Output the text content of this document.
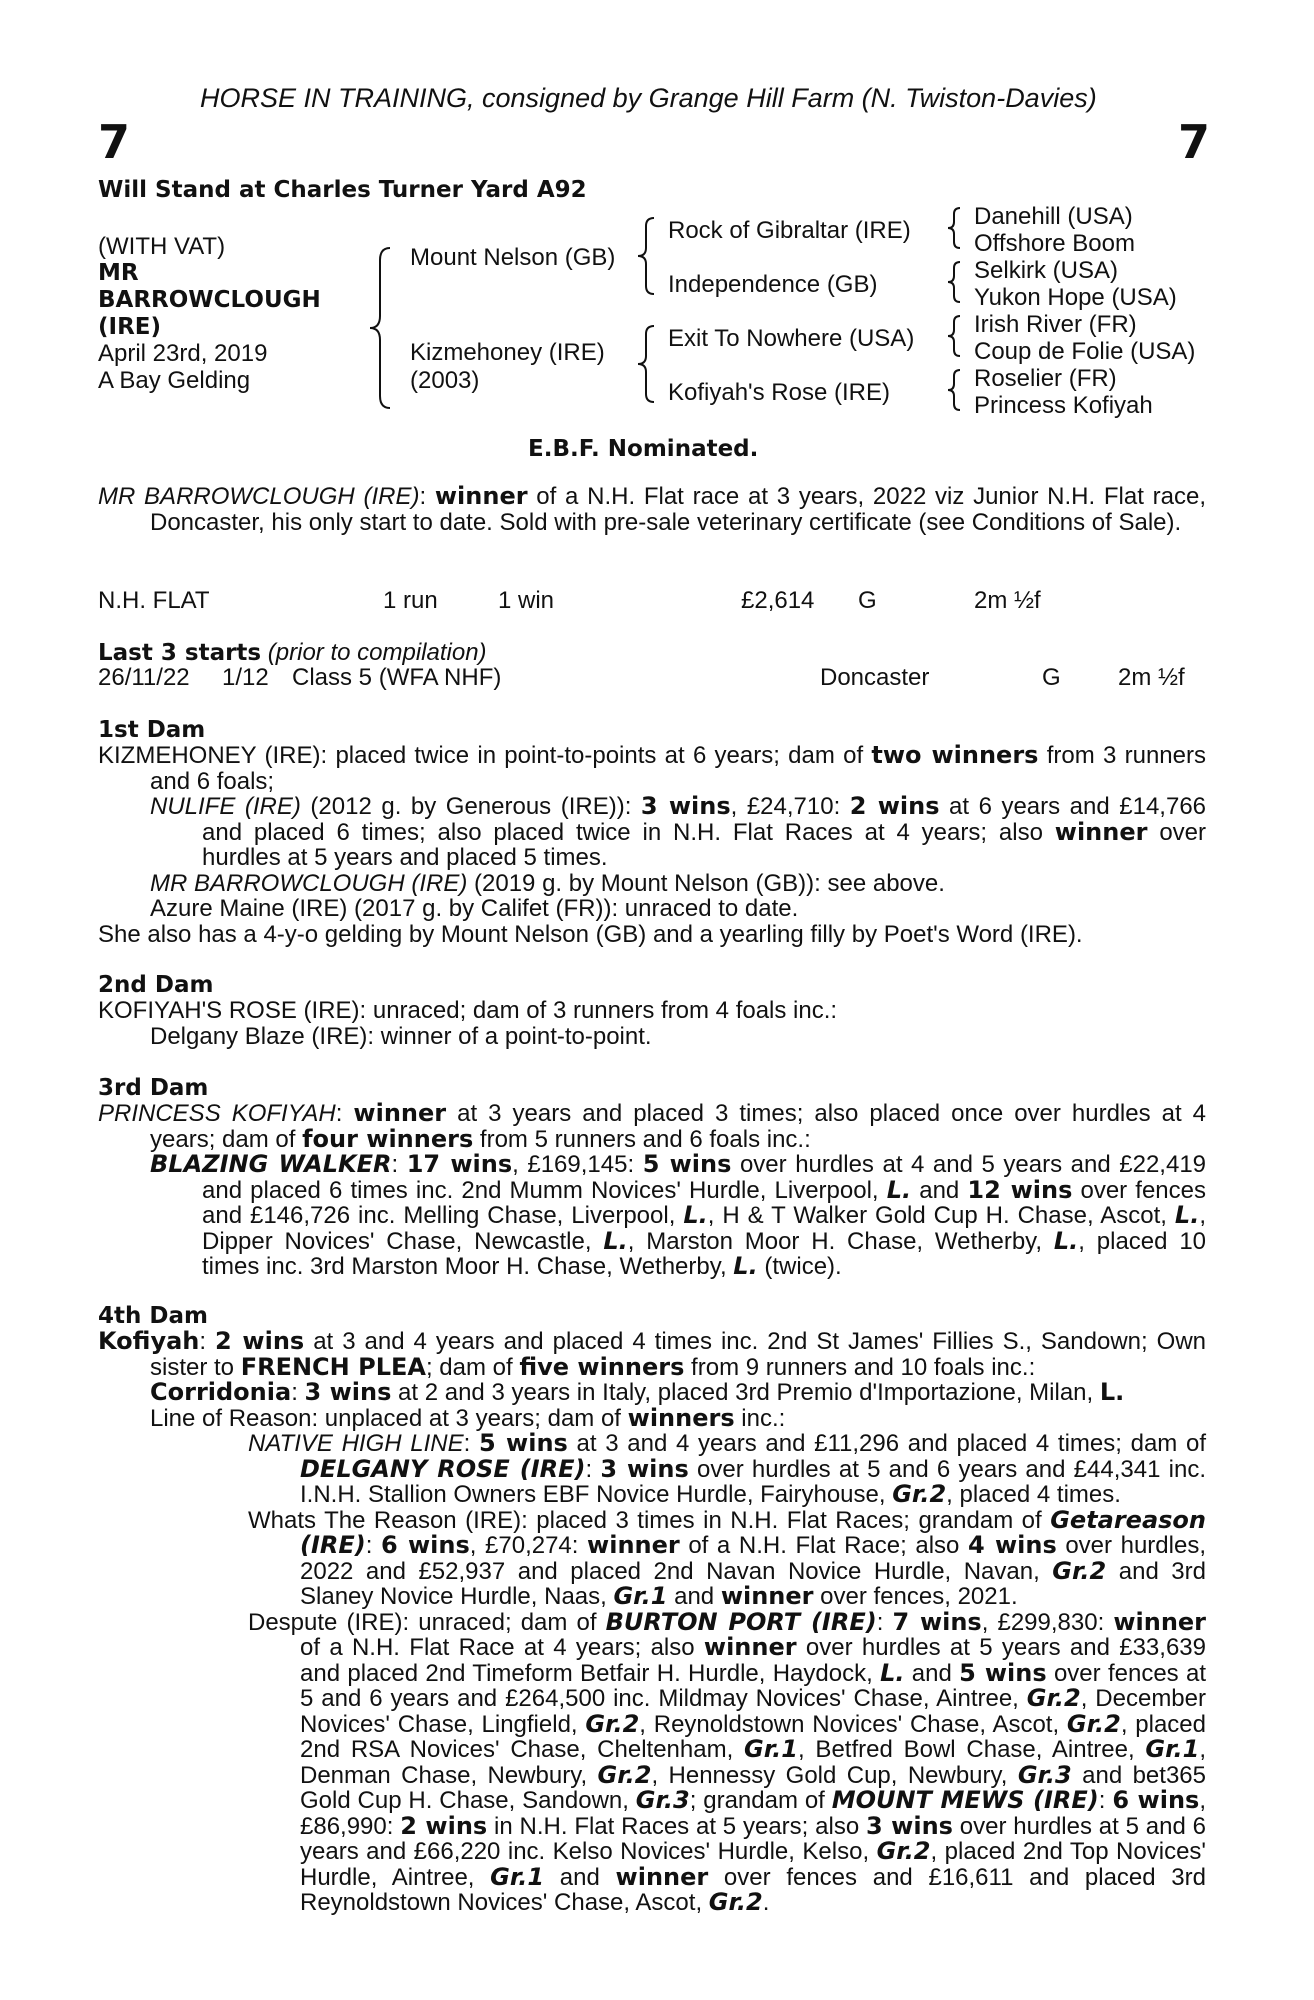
HORSE IN TRAINING, consigned by Grange Hill Farm (N. Twiston-Davies)
7	7
Will Stand at Charles Turner Yard A92
(WITH VAT)
MR
BARROWCLOUGH
(IRE)
April 23rd, 2019
A Bay Gelding
Mount Nelson (GB)
Kizmehoney (IRE)
(2003)
Rock of Gibraltar (IRE)
Independence (GB)
Exit To Nowhere (USA)
Kofiyah's Rose (IRE)
Danehill (USA)
Offshore Boom
Selkirk (USA)
Yukon Hope (USA)
Irish River (FR)
Coup de Folie (USA)
Roselier (FR)
Princess Kofiyah
E.B.F. Nominated.

MR BARROWCLOUGH (IRE): winner of a N.H. Flat race at 3 years, 2022 viz Junior N.H. Flat race, Doncaster, his only start to date. Sold with pre-sale veterinary certificate (see Conditions of Sale).

N.H. FLAT	1 run	1 win	£2,614 G	2m ½f
Last 3 starts (prior to compilation)
26/11/22 1/12 Class 5 (WFA NHF)	Doncaster	G 2m ½f
1st Dam

KIZMEHONEY (IRE): placed twice in point-to-points at 6 years; dam of two winners from 3 runners and 6 foals;

NULIFE (IRE) (2012 g. by Generous (IRE)): 3 wins, £24,710: 2 wins at 6 years and £14,766 and placed 6 times; also placed twice in N.H. Flat Races at 4 years; also winner over hurdles at 5 years and placed 5 times.

MR BARROWCLOUGH (IRE) (2019 g. by Mount Nelson (GB)): see above.

Azure Maine (IRE) (2017 g. by Califet (FR)): unraced to date.

She also has a 4-y-o gelding by Mount Nelson (GB) and a yearling filly by Poet's Word (IRE).

2nd Dam

KOFIYAH'S ROSE (IRE): unraced; dam of 3 runners from 4 foals inc.:

Delgany Blaze (IRE): winner of a point-to-point.

3rd Dam

PRINCESS KOFIYAH: winner at 3 years and placed 3 times; also placed once over hurdles at 4 years; dam of four winners from 5 runners and 6 foals inc.:

BLAZING WALKER: 17 wins, £169,145: 5 wins over hurdles at 4 and 5 years and £22,419 and placed 6 times inc. 2nd Mumm Novices' Hurdle, Liverpool, L. and 12 wins over fences and £146,726 inc. Melling Chase, Liverpool, L., H & T Walker Gold Cup H. Chase, Ascot, L., Dipper Novices' Chase, Newcastle, L., Marston Moor H. Chase, Wetherby, L., placed 10 times inc. 3rd Marston Moor H. Chase, Wetherby, L. (twice).

4th Dam

Kofiyah: 2 wins at 3 and 4 years and placed 4 times inc. 2nd St James' Fillies S., Sandown; Own sister to FRENCH PLEA; dam of five winners from 9 runners and 10 foals inc.:

Corridonia: 3 wins at 2 and 3 years in Italy, placed 3rd Premio d'Importazione, Milan, L.

Line of Reason: unplaced at 3 years; dam of winners inc.:

NATIVE HIGH LINE: 5 wins at 3 and 4 years and £11,296 and placed 4 times; dam of DELGANY ROSE (IRE): 3 wins over hurdles at 5 and 6 years and £44,341 inc. I.N.H. Stallion Owners EBF Novice Hurdle, Fairyhouse, Gr.2, placed 4 times.

Whats The Reason (IRE): placed 3 times in N.H. Flat Races; grandam of Getareason (IRE): 6 wins, £70,274: winner of a N.H. Flat Race; also 4 wins over hurdles, 2022 and £52,937 and placed 2nd Navan Novice Hurdle, Navan, Gr.2 and 3rd Slaney Novice Hurdle, Naas, Gr.1 and winner over fences, 2021.

Despute (IRE): unraced; dam of BURTON PORT (IRE): 7 wins, £299,830: winner of a N.H. Flat Race at 4 years; also winner over hurdles at 5 years and £33,639 and placed 2nd Timeform Betfair H. Hurdle, Haydock, L. and 5 wins over fences at 5 and 6 years and £264,500 inc. Mildmay Novices' Chase, Aintree, Gr.2, December Novices' Chase, Lingfield, Gr.2, Reynoldstown Novices' Chase, Ascot, Gr.2, placed 2nd RSA Novices' Chase, Cheltenham, Gr.1, Betfred Bowl Chase, Aintree, Gr.1, Denman Chase, Newbury, Gr.2, Hennessy Gold Cup, Newbury, Gr.3 and bet365 Gold Cup H. Chase, Sandown, Gr.3; grandam of MOUNT MEWS (IRE): 6 wins, £86,990: 2 wins in N.H. Flat Races at 5 years; also 3 wins over hurdles at 5 and 6 years and £66,220 inc. Kelso Novices' Hurdle, Kelso, Gr.2, placed 2nd Top Novices' Hurdle, Aintree, Gr.1 and winner over fences and £16,611 and placed 3rd Reynoldstown Novices' Chase, Ascot, Gr.2.
